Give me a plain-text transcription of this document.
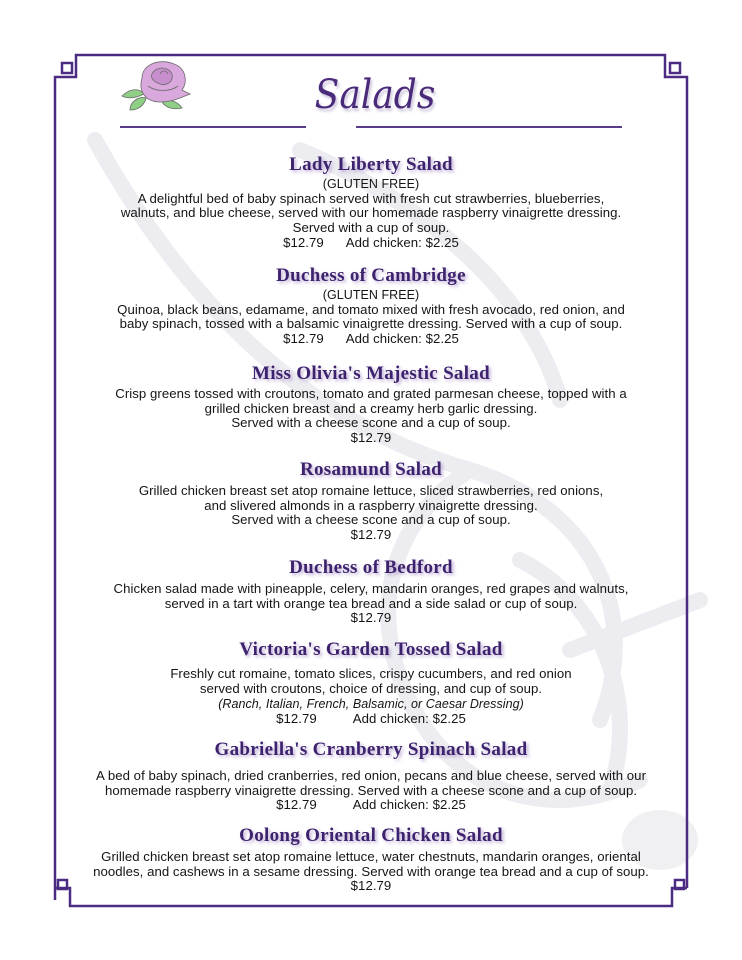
Salads
Lady Liberty Salad
(GLUTEN FREE)
A delightful bed of baby spinach served with fresh cut strawberries, blueberries,
walnuts, and blue cheese, served with our homemade raspberry vinaigrette dressing.
Served with a cup of soup.
$12.79 Add chicken: $2.25
Duchess of Cambridge
(GLUTEN FREE)
Quinoa, black beans, edamame, and tomato mixed with fresh avocado, red onion, and
baby spinach, tossed with a balsamic vinaigrette dressing. Served with a cup of soup.
$12.79 Add chicken: $2.25
Miss Olivia's Majestic Salad
Crisp greens tossed with croutons, tomato and grated parmesan cheese, topped with a
grilled chicken breast and a creamy herb garlic dressing.
Served with a cheese scone and a cup of soup.
$12.79
Rosamund Salad
Grilled chicken breast set atop romaine lettuce, sliced strawberries, red onions,
and slivered almonds in a raspberry vinaigrette dressing.
Served with a cheese scone and a cup of soup.
$12.79
Duchess of Bedford
Chicken salad made with pineapple, celery, mandarin oranges, red grapes and walnuts,
served in a tart with orange tea bread and a side salad or cup of soup.
$12.79
Victoria's Garden Tossed Salad
Freshly cut romaine, tomato slices, crispy cucumbers, and red onion
served with croutons, choice of dressing, and cup of soup.
(Ranch, Italian, French, Balsamic, or Caesar Dressing)
$12.79	Add chicken: $2.25
Gabriella's Cranberry Spinach Salad
A bed of baby spinach, dried cranberries, red onion, pecans and blue cheese, served with our
homemade raspberry vinaigrette dressing. Served with a cheese scone and a cup of soup.
$12.79	Add chicken: $2.25
Oolong Oriental Chicken Salad
Grilled chicken breast set atop romaine lettuce, water chestnuts, mandarin oranges, oriental
noodles, and cashews in a sesame dressing. Served with orange tea bread and a cup of soup.
$12.79
